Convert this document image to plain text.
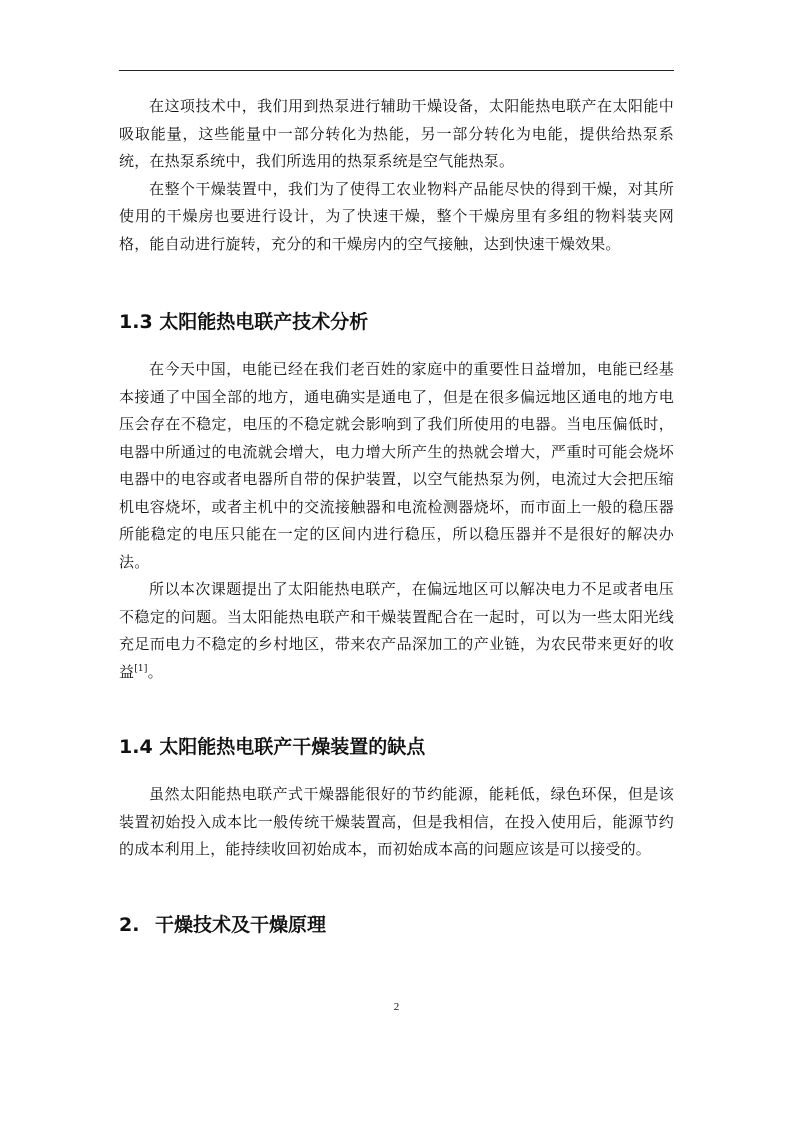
在这项技术中，我们用到热泵进行辅助干燥设备，太阳能热电联产在太阳能中吸取能量，这些能量中一部分转化为热能，另一部分转化为电能，提供给热泵系统，在热泵系统中，我们所选用的热泵系统是空气能热泵。

在整个干燥装置中，我们为了使得工农业物料产品能尽快的得到干燥，对其所使用的干燥房也要进行设计，为了快速干燥，整个干燥房里有多组的物料装夹网格，能自动进行旋转，充分的和干燥房内的空气接触，达到快速干燥效果。

1.3 太阳能热电联产技术分析

在今天中国，电能已经在我们老百姓的家庭中的重要性日益增加，电能已经基本接通了中国全部的地方，通电确实是通电了，但是在很多偏远地区通电的地方电压会存在不稳定，电压的不稳定就会影响到了我们所使用的电器。当电压偏低时，电器中所通过的电流就会增大，电力增大所产生的热就会增大，严重时可能会烧坏电器中的电容或者电器所自带的保护装置，以空气能热泵为例，电流过大会把压缩机电容烧坏，或者主机中的交流接触器和电流检测器烧坏，而市面上一般的稳压器所能稳定的电压只能在一定的区间内进行稳压，所以稳压器并不是很好的解决办法。

所以本次课题提出了太阳能热电联产，在偏远地区可以解决电力不足或者电压不稳定的问题。当太阳能热电联产和干燥装置配合在一起时，可以为一些太阳光线充足而电力不稳定的乡村地区，带来农产品深加工的产业链，为农民带来更好的收益[1]。

1.4 太阳能热电联产干燥装置的缺点

虽然太阳能热电联产式干燥器能很好的节约能源，能耗低，绿色环保，但是该装置初始投入成本比一般传统干燥装置高，但是我相信，在投入使用后，能源节约的成本利用上，能持续收回初始成本，而初始成本高的问题应该是可以接受的。

2. 干燥技术及干燥原理
2
